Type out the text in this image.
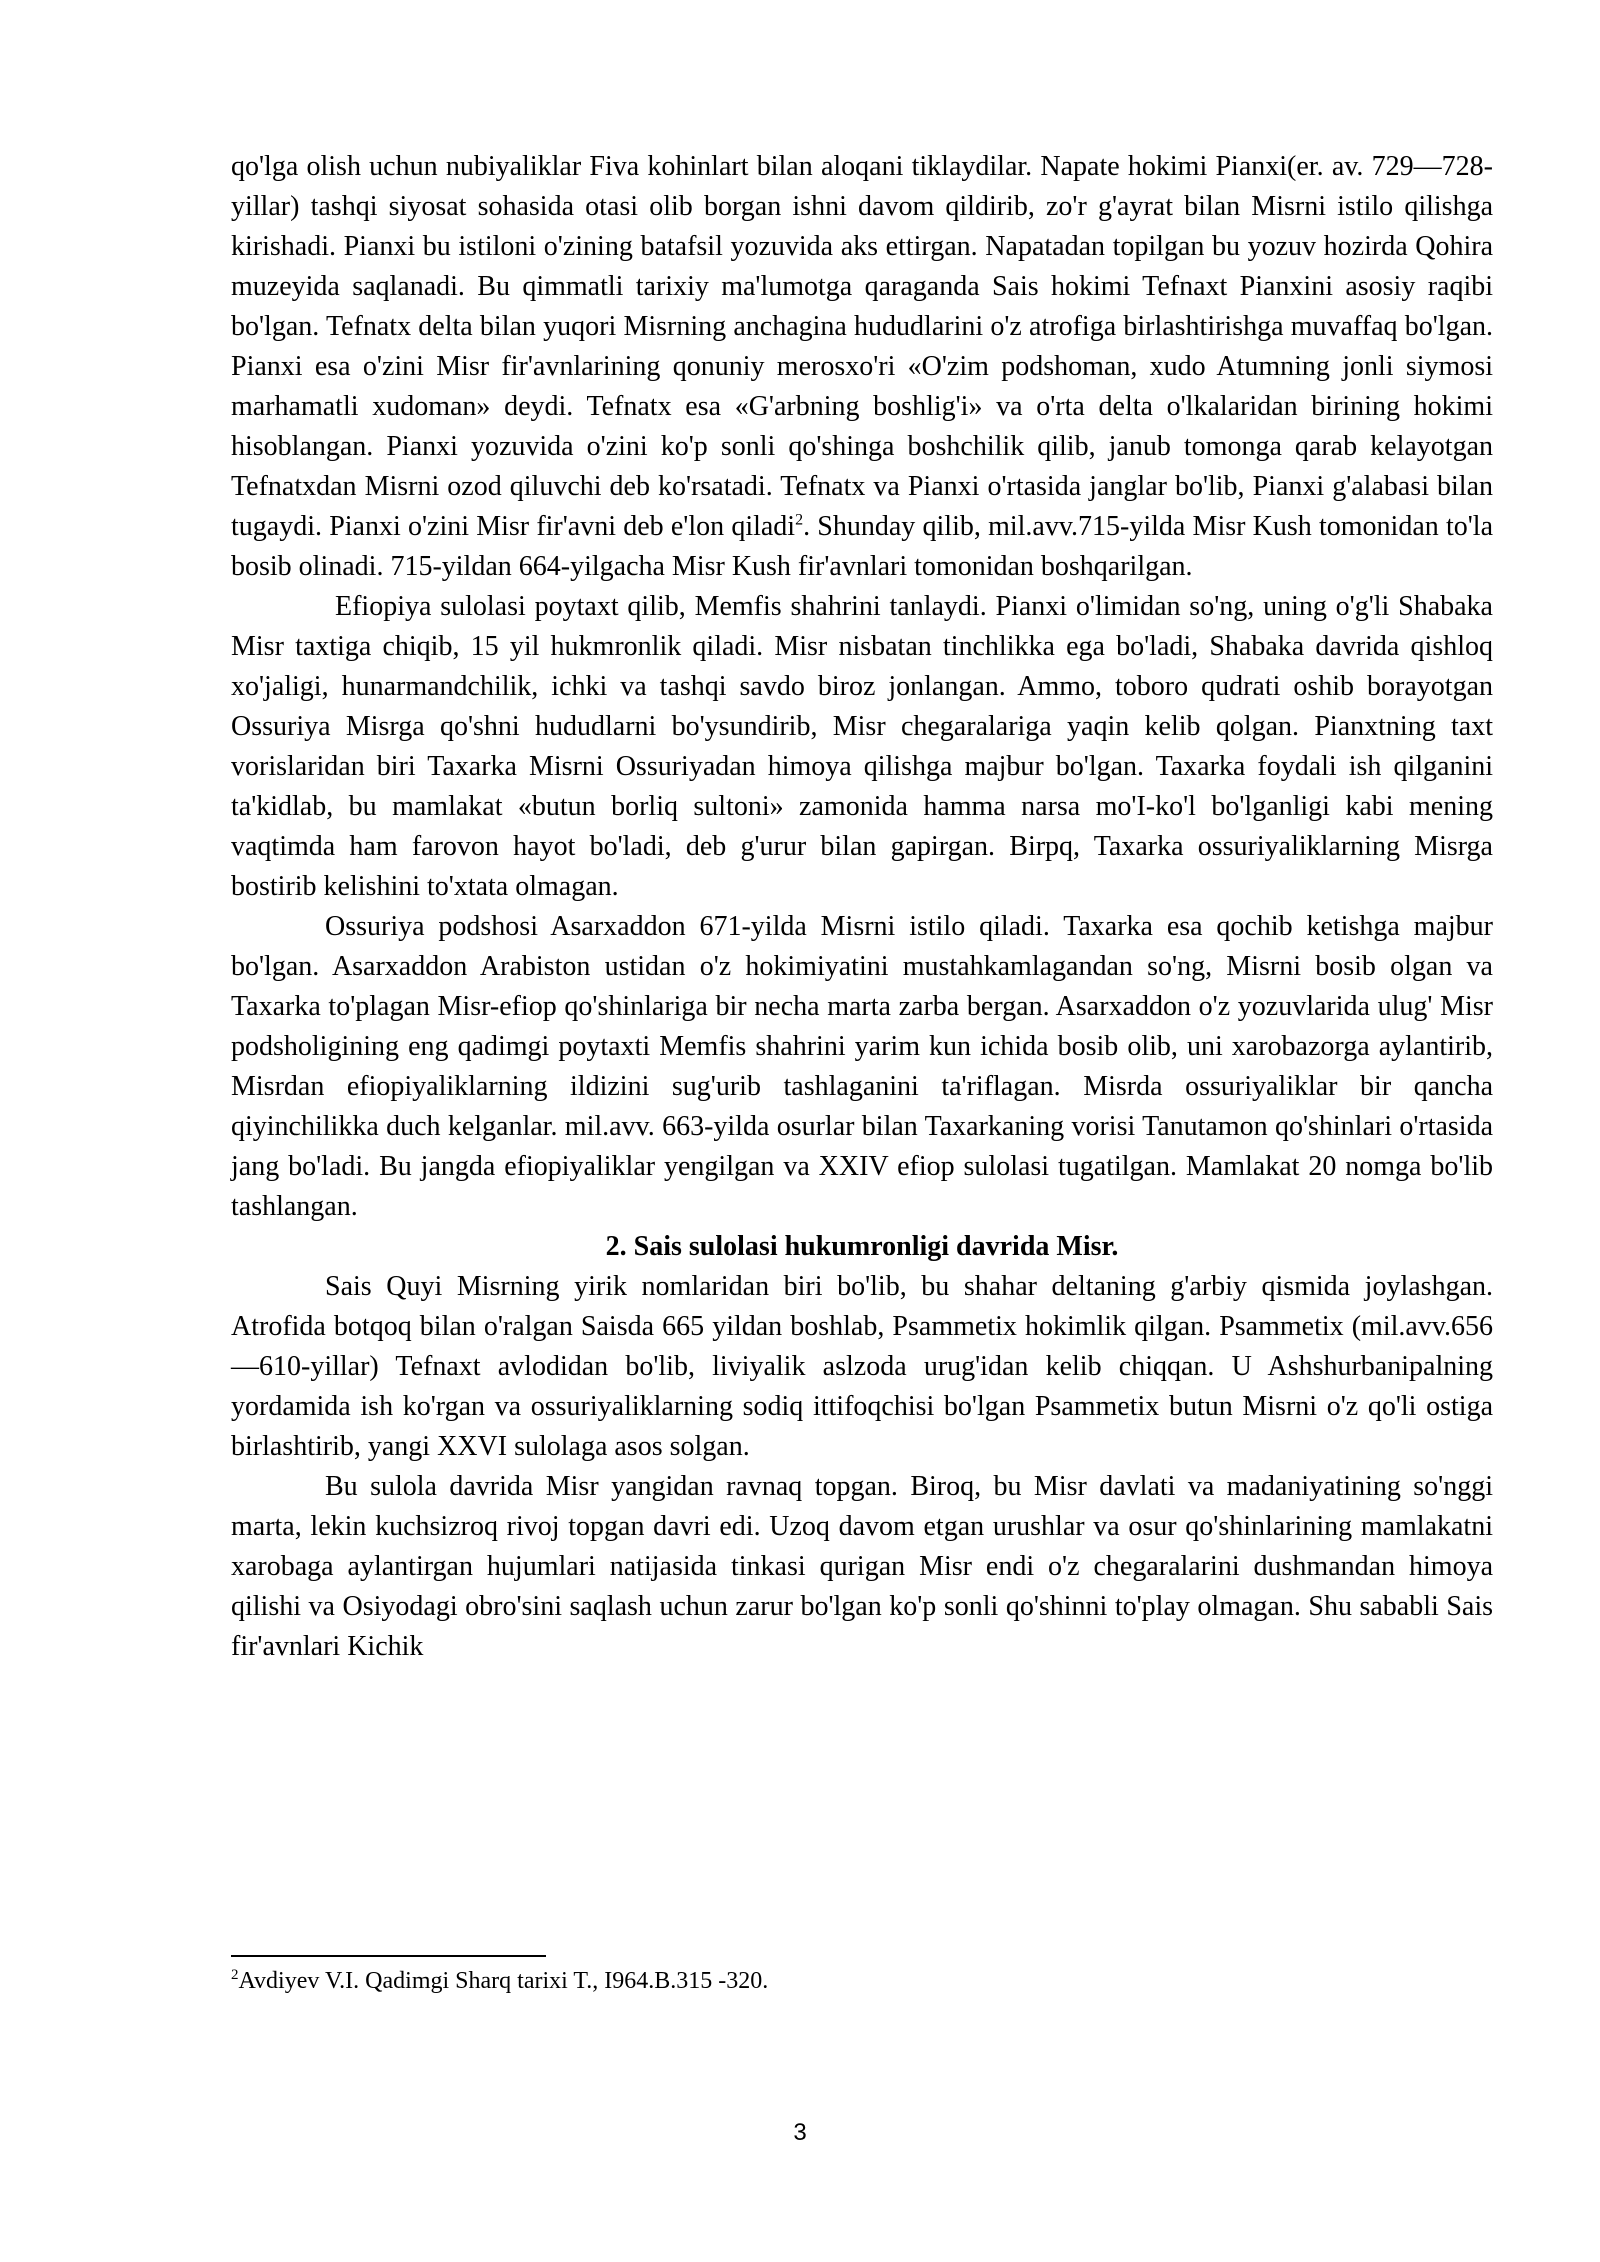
qo'lga olish uchun nubiyaliklar Fiva kohinlart bilan aloqani tiklaydilar. Napate hokimi Pianxi(er. av. 729—728-yillar) tashqi siyosat sohasida otasi olib borgan ishni davom qildirib, zo'r g'ayrat bilan Misrni istilo qilishga kirishadi. Pianxi bu istiloni o'zining batafsil yozuvida aks ettirgan. Napatadan topilgan bu yozuv hozirda Qohira muzeyida saqlanadi. Bu qimmatli tarixiy ma'lumotga qaraganda Sais hokimi Tefnaxt Pianxini asosiy raqibi bo'lgan. Tefnatx delta bilan yuqori Misrning anchagina hududlarini o'z atrofiga birlashtirishga muvaffaq bo'lgan. Pianxi esa o'zini Misr fir'avnlarining qonuniy merosxo'ri «O'zim podshoman, xudo Atumning jonli siymosi marhamatli xudoman» deydi. Tefnatx esa «G'arbning boshlig'i» va o'rta delta o'lkalaridan birining hokimi hisoblangan. Pianxi yozuvida o'zini ko'p sonli qo'shinga boshchilik qilib, janub tomonga qarab kelayotgan Tefnatxdan Misrni ozod qiluvchi deb ko'rsatadi. Tefnatx va Pianxi o'rtasida janglar bo'lib, Pianxi g'alabasi bilan tugaydi. Pianxi o'zini Misr fir'avni deb e'lon qiladi$^2$. Shunday qilib, mil.avv.715-yilda Misr Kush tomonidan to'la bosib olinadi. 715-yildan 664-yilgacha Misr Kush fir'avnlari tomonidan boshqarilgan.

Efiopiya sulolasi poytaxt qilib, Memfis shahrini tanlaydi. Pianxi o'limidan so'ng, uning o'g'li Shabaka Misr taxtiga chiqib, 15 yil hukmronlik qiladi. Misr nisbatan tinchlikka ega bo'ladi, Shabaka davrida qishloq xo'jaligi, hunarmandchilik, ichki va tashqi savdo biroz jonlangan. Ammo, toboro qudrati oshib borayotgan Ossuriya Misrga qo'shni hududlarni bo'ysundirib, Misr chegaralariga yaqin kelib qolgan. Pianxtning taxt vorislaridan biri Taxarka Misrni Ossuriyadan himoya qilishga majbur bo'lgan. Taxarka foydali ish qilganini ta'kidlab, bu mamlakat «butun borliq sultoni» zamonida hamma narsa mo'I-ko'l bo'lganligi kabi mening vaqtimda ham farovon hayot bo'ladi, deb g'urur bilan gapirgan. Birpq, Taxarka ossuriyaliklarning Misrga bostirib kelishini to'xtata olmagan.

Ossuriya podshosi Asarxaddon 671-yilda Misrni istilo qiladi. Taxarka esa qochib ketishga majbur bo'lgan. Asarxaddon Arabiston ustidan o'z hokimiyatini mustahkamlagandan so'ng, Misrni bosib olgan va Taxarka to'plagan Misr-efiop qo'shinlariga bir necha marta zarba bergan. Asarxaddon o'z yozuvlarida ulug' Misr podsholigining eng qadimgi poytaxti Memfis shahrini yarim kun ichida bosib olib, uni xarobazorga aylantirib, Misrdan efiopiyaliklarning ildizini sug'urib tashlaganini ta'riflagan. Misrda ossuriyaliklar bir qancha qiyinchilikka duch kelganlar. mil.avv. 663-yilda osurlar bilan Taxarkaning vorisi Tanutamon qo'shinlari o'rtasida jang bo'ladi. Bu jangda efiopiyaliklar yengilgan va XXIV efiop sulolasi tugatilgan. Mamlakat 20 nomga bo'lib tashlangan.

2. Sais sulolasi hukumronligi davrida Misr.

Sais Quyi Misrning yirik nomlaridan biri bo'lib, bu shahar deltaning g'arbiy qismida joylashgan. Atrofida botqoq bilan o'ralgan Saisda 665 yildan boshlab, Psammetix hokimlik qilgan. Psammetix (mil.avv.656—610-yillar) Tefnaxt avlodidan bo'lib, liviyalik aslzoda urug'idan kelib chiqqan. U Ashshurbanipalning yordamida ish ko'rgan va ossuriyaliklarning sodiq ittifoqchisi bo'lgan Psammetix butun Misrni o'z qo'li ostiga birlashtirib, yangi XXVI sulolaga asos solgan.

Bu sulola davrida Misr yangidan ravnaq topgan. Biroq, bu Misr davlati va madaniyatining so'nggi marta, lekin kuchsizroq rivoj topgan davri edi. Uzoq davom etgan urushlar va osur qo'shinlarining mamlakatni xarobaga aylantirgan hujumlari natijasida tinkasi qurigan Misr endi o'z chegaralarini dushmandan himoya qilishi va Osiyodagi obro'sini saqlash uchun zarur bo'lgan ko'p sonli qo'shinni to'play olmagan. Shu sababli Sais fir'avnlari Kichik

$^2$Avdiyev V.I. Qadimgi Sharq tarixi T., I964.B.315 -320.
3
